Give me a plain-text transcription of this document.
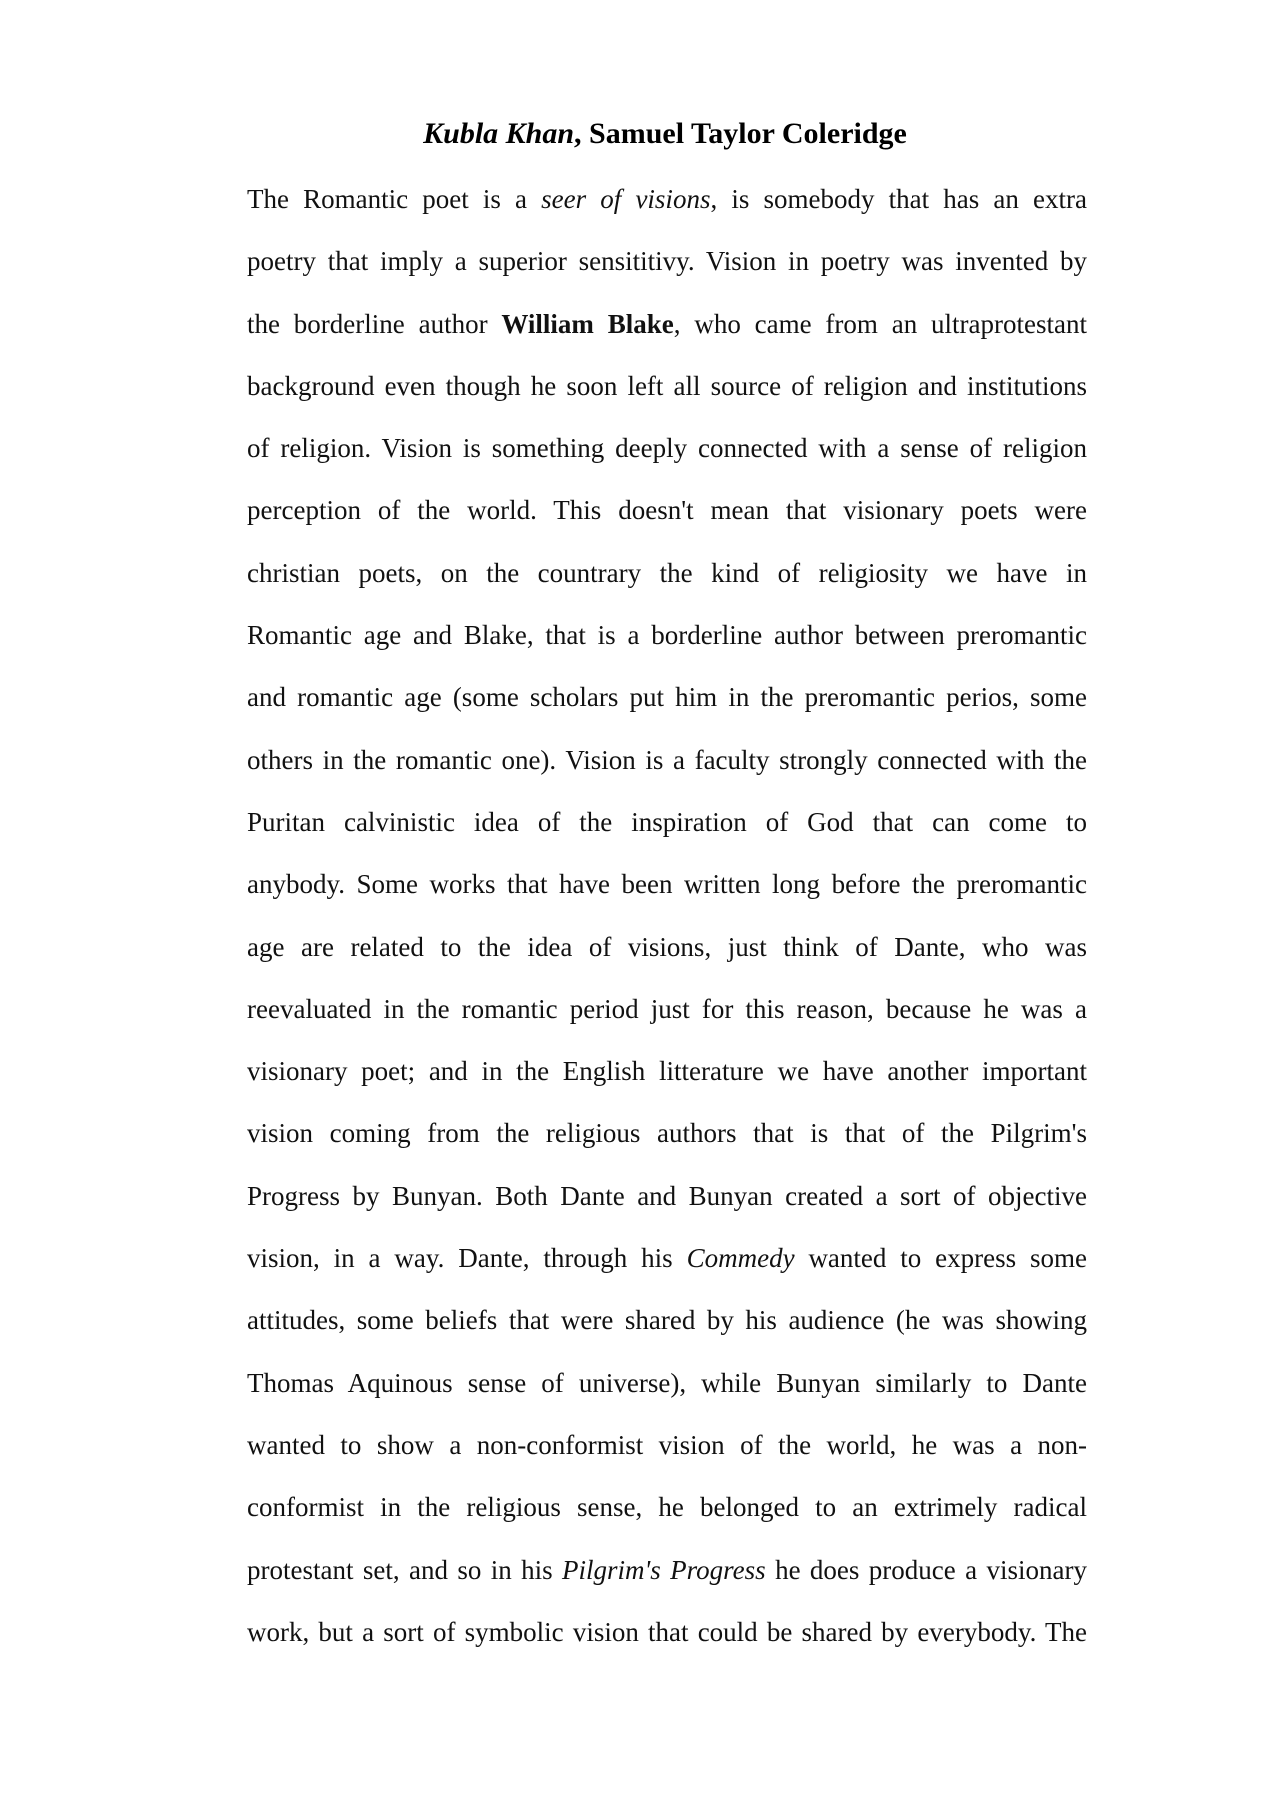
Kubla Khan, Samuel Taylor Coleridge
The Romantic poet is a seer of visions, is somebody that has an extra
poetry that imply a superior sensititivy. Vision in poetry was invented by
the borderline author William Blake, who came from an ultraprotestant
background even though he soon left all source of religion and institutions
of religion. Vision is something deeply connected with a sense of religion
perception of the world. This doesn't mean that visionary poets were
christian poets, on the countrary the kind of religiosity we have in
Romantic age and Blake, that is a borderline author between preromantic
and romantic age (some scholars put him in the preromantic perios, some
others in the romantic one). Vision is a faculty strongly connected with the
Puritan calvinistic idea of the inspiration of God that can come to
anybody. Some works that have been written long before the preromantic
age are related to the idea of visions, just think of Dante, who was
reevaluated in the romantic period just for this reason, because he was a
visionary poet; and in the English litterature we have another important
vision coming from the religious authors that is that of the Pilgrim's
Progress by Bunyan. Both Dante and Bunyan created a sort of objective
vision, in a way. Dante, through his Commedy wanted to express some
attitudes, some beliefs that were shared by his audience (he was showing
Thomas Aquinous sense of universe), while Bunyan similarly to Dante
wanted to show a non-conformist vision of the world, he was a non-
conformist in the religious sense, he belonged to an extrimely radical
protestant set, and so in his Pilgrim's Progress he does produce a visionary
work, but a sort of symbolic vision that could be shared by everybody. The
